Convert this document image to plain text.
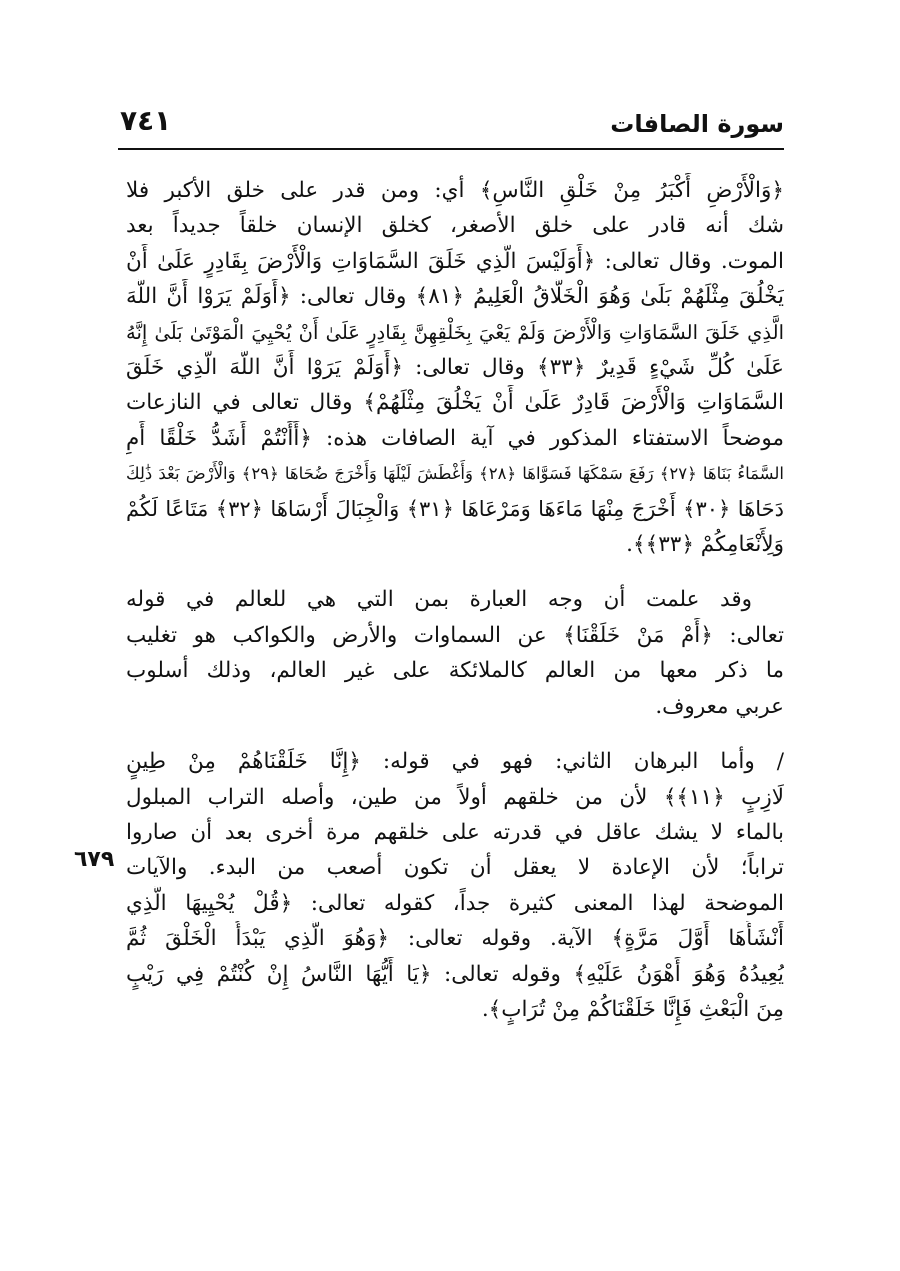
سورة الصافات
٧٤١
٦٧٩
﴿وَالْأَرْضِ أَكْبَرُ مِنْ خَلْقِ النَّاسِ﴾ أي: ومن قدر على خلق الأكبر فلا
شك أنه قادر على خلق الأصغر، كخلق الإنسان خلقاً جديداً بعد
الموت. وقال تعالى: ﴿أَوَلَيْسَ الَّذِي خَلَقَ السَّمَاوَاتِ وَالْأَرْضَ بِقَادِرٍ عَلَىٰ أَنْ
يَخْلُقَ مِثْلَهُمْ بَلَىٰ وَهُوَ الْخَلَّاقُ الْعَلِيمُ ﴿٨١﴾ وقال تعالى: ﴿أَوَلَمْ يَرَوْا أَنَّ اللَّهَ
الَّذِي خَلَقَ السَّمَاوَاتِ وَالْأَرْضَ وَلَمْ يَعْيَ بِخَلْقِهِنَّ بِقَادِرٍ عَلَىٰ أَنْ يُحْيِيَ الْمَوْتَىٰ بَلَىٰ إِنَّهُ
عَلَىٰ كُلِّ شَيْءٍ قَدِيرٌ ﴿٣٣﴾ وقال تعالى: ﴿أَوَلَمْ يَرَوْا أَنَّ اللَّهَ الَّذِي خَلَقَ
السَّمَاوَاتِ وَالْأَرْضَ قَادِرٌ عَلَىٰ أَنْ يَخْلُقَ مِثْلَهُمْ﴾ وقال تعالى في النازعات
موضحاً الاستفتاء المذكور في آية الصافات هذه: ﴿أَأَنْتُمْ أَشَدُّ خَلْقًا أَمِ
السَّمَاءُ بَنَاهَا ﴿٢٧﴾ رَفَعَ سَمْكَهَا فَسَوَّاهَا ﴿٢٨﴾ وَأَغْطَشَ لَيْلَهَا وَأَخْرَجَ ضُحَاهَا ﴿٢٩﴾ وَالْأَرْضَ بَعْدَ ذَٰلِكَ
دَحَاهَا ﴿٣٠﴾ أَخْرَجَ مِنْهَا مَاءَهَا وَمَرْعَاهَا ﴿٣١﴾ وَالْجِبَالَ أَرْسَاهَا ﴿٣٢﴾ مَتَاعًا لَكُمْ
وَلِأَنْعَامِكُمْ ﴿٣٣﴾﴾.
وقد علمت أن وجه العبارة بمن التي هي للعالم في قوله
تعالى: ﴿أَمْ مَنْ خَلَقْنَا﴾ عن السماوات والأرض والكواكب هو تغليب
ما ذكر معها من العالم كالملائكة على غير العالم، وذلك أسلوب
عربي معروف.
/ وأما البرهان الثاني: فهو في قوله: ﴿إِنَّا خَلَقْنَاهُمْ مِنْ طِينٍ
لَازِبٍ ﴿١١﴾﴾ لأن من خلقهم أولاً من طين، وأصله التراب المبلول
بالماء لا يشك عاقل في قدرته على خلقهم مرة أخرى بعد أن صاروا
تراباً؛ لأن الإعادة لا يعقل أن تكون أصعب من البدء. والآيات
الموضحة لهذا المعنى كثيرة جداً، كقوله تعالى: ﴿قُلْ يُحْيِيهَا الَّذِي
أَنْشَأَهَا أَوَّلَ مَرَّةٍ﴾ الآية. وقوله تعالى: ﴿وَهُوَ الَّذِي يَبْدَأُ الْخَلْقَ ثُمَّ
يُعِيدُهُ وَهُوَ أَهْوَنُ عَلَيْهِ﴾ وقوله تعالى: ﴿يَا أَيُّهَا النَّاسُ إِنْ كُنْتُمْ فِي رَيْبٍ
مِنَ الْبَعْثِ فَإِنَّا خَلَقْنَاكُمْ مِنْ تُرَابٍ﴾.
